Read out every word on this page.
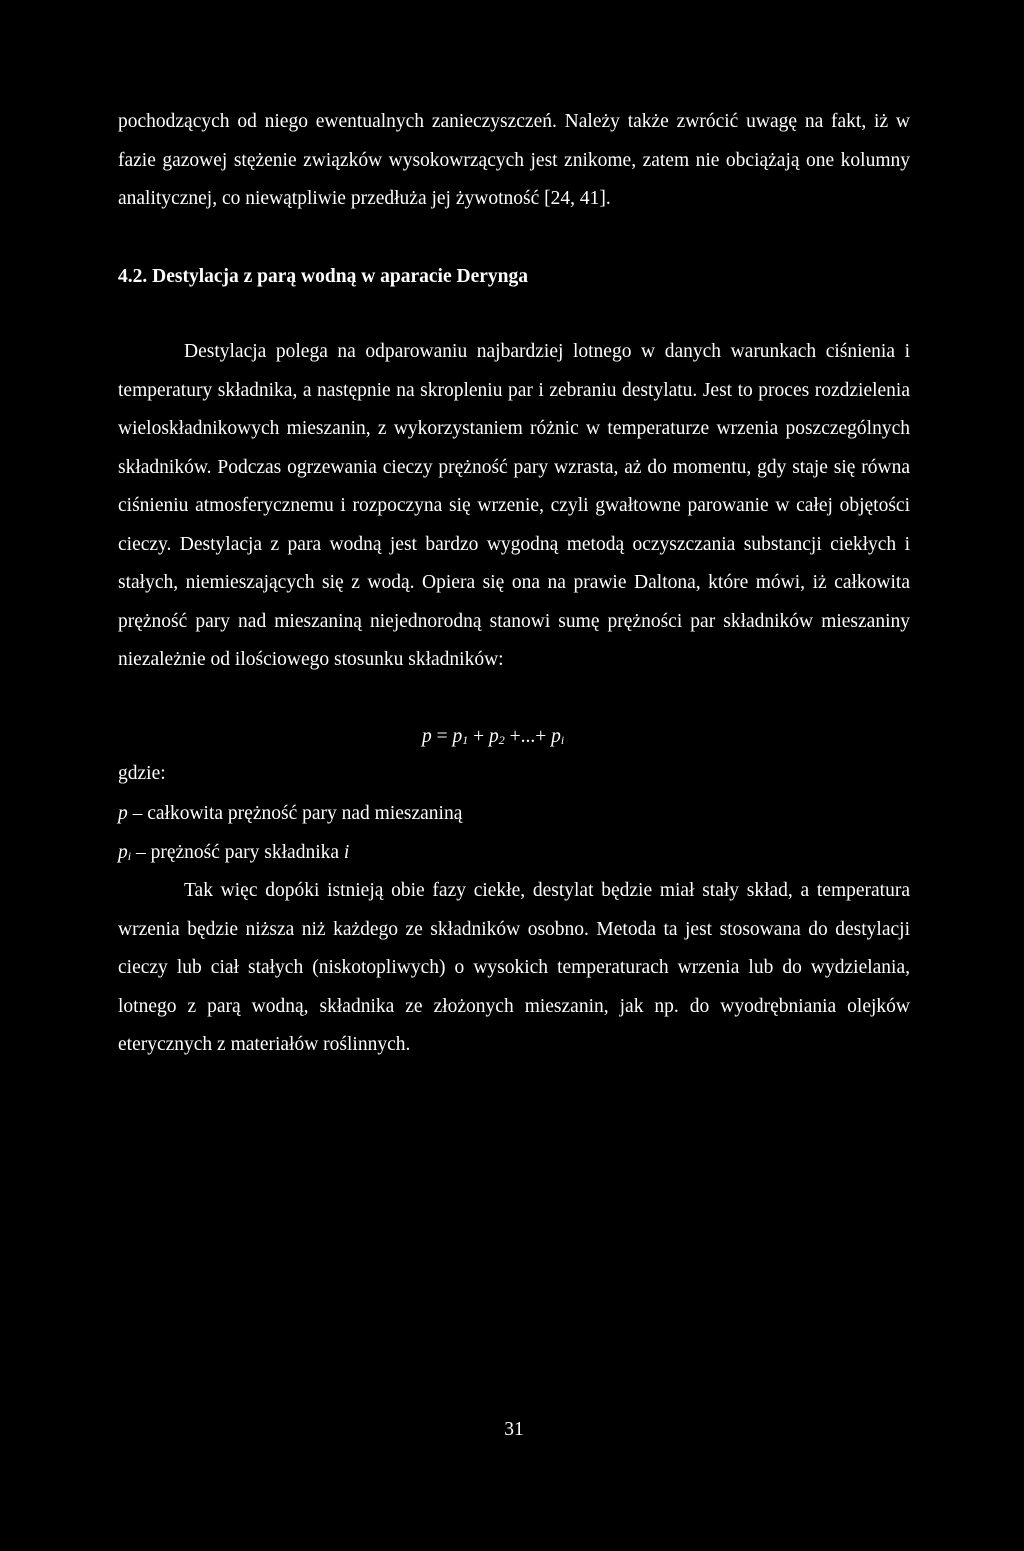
pochodzących od niego ewentualnych zanieczyszczeń. Należy także zwrócić uwagę na fakt, iż w fazie gazowej stężenie związków wysokowrzących jest znikome, zatem nie obciążają one kolumny analitycznej, co niewątpliwie przedłuża jej żywotność [24, 41].

4.2. Destylacja z parą wodną w aparacie Derynga

Destylacja polega na odparowaniu najbardziej lotnego w danych warunkach ciśnienia i temperatury składnika, a następnie na skropleniu par i zebraniu destylatu. Jest to proces rozdzielenia wieloskładnikowych mieszanin, z wykorzystaniem różnic w temperaturze wrzenia poszczególnych składników. Podczas ogrzewania cieczy prężność pary wzrasta, aż do momentu, gdy staje się równa ciśnieniu atmosferycznemu i rozpoczyna się wrzenie, czyli gwałtowne parowanie w całej objętości cieczy. Destylacja z para wodną jest bardzo wygodną metodą oczyszczania substancji ciekłych i stałych, niemieszających się z wodą. Opiera się ona na prawie Daltona, które mówi, iż całkowita prężność pary nad mieszaniną niejednorodną stanowi sumę prężności par składników mieszaniny niezależnie od ilościowego stosunku składników:

$p = p_1 + p_2$ +...+ $p_i$

gdzie:

p – całkowita prężność pary nad mieszaniną

$p_i$ – prężność pary składnika i

Tak więc dopóki istnieją obie fazy ciekłe, destylat będzie miał stały skład, a temperatura wrzenia będzie niższa niż każdego ze składników osobno. Metoda ta jest stosowana do destylacji cieczy lub ciał stałych (niskotopliwych) o wysokich temperaturach wrzenia lub do wydzielania, lotnego z parą wodną, składnika ze złożonych mieszanin, jak np. do wyodrębniania olejków eterycznych z materiałów roślinnych.

31
